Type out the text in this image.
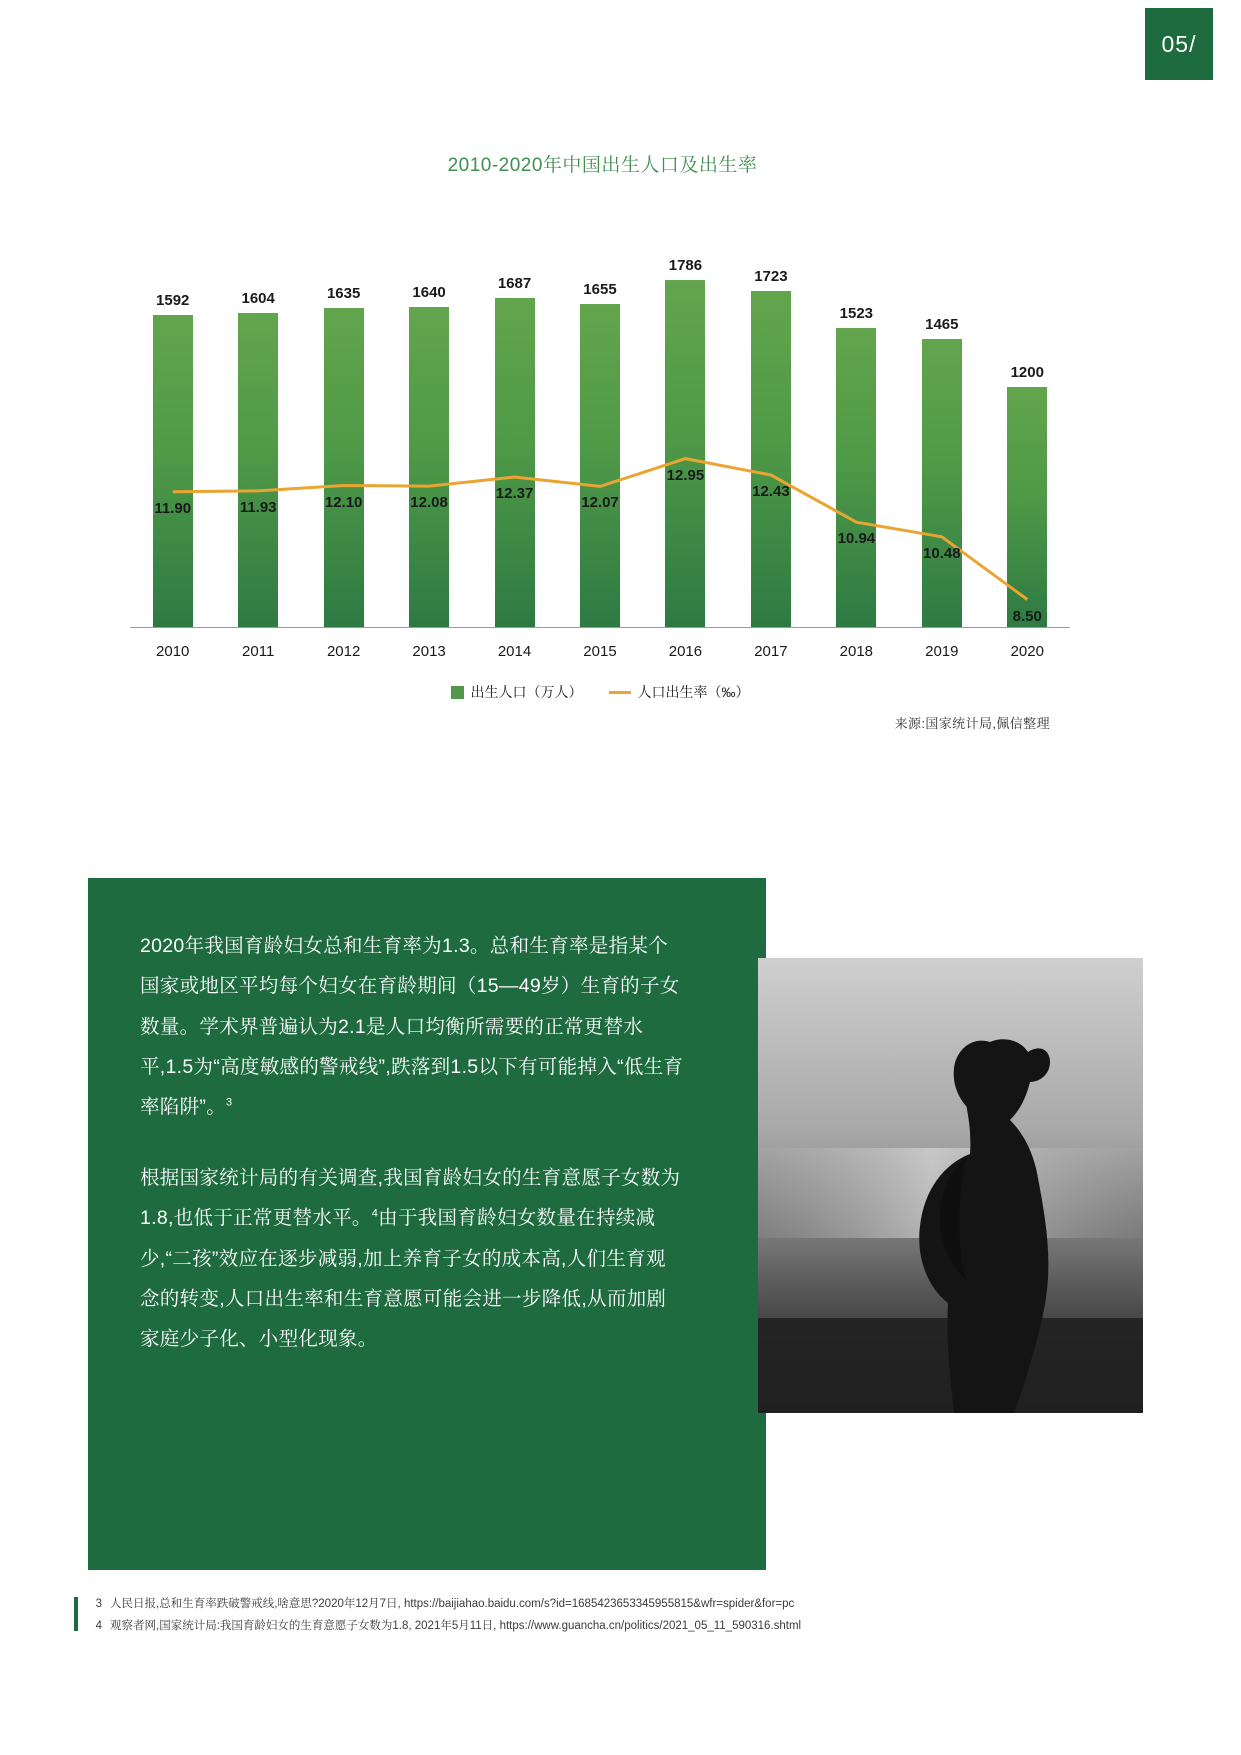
05/
2010-2020年中国出生人口及出生率
1592	1604	1635	1640
1687	1655
1786
1723
1523
1465
1200
11.90	11.93	12.10	12.08
12.37
12.07
12.95
12.43
10.94
10.48
8.50
2010	2011	2012	2013	2014	2015	2016	2017	2018	2019	2020
出生人口（万人）	人口出生率（‰）
来源:国家统计局,佩信整理

2020年我国育龄妇女总和生育率为1.3。总和生育率是指某个国家或地区平均每个妇女在育龄期间（15—49岁）生育的子女数量。学术界普遍认为2.1是人口均衡所需要的正常更替水平,1.5为“高度敏感的警戒线”,跌落到1.5以下有可能掉入“低生育率陷阱”。$^3$

根据国家统计局的有关调查,我国育龄妇女的生育意愿子女数为1.8,也低于正常更替水平。$^4$由于我国育龄妇女数量在持续减少,“二孩”效应在逐步减弱,加上养育子女的成本高,人们生育观念的转变,人口出生率和生育意愿可能会进一步降低,从而加剧家庭少子化、小型化现象。

3 人民日报,总和生育率跌破警戒线,啥意思?2020年12月7日, https://baijiahao.baidu.com/s?id=1685423653345955815&wfr=spider&for=pc
4 观察者网,国家统计局:我国育龄妇女的生育意愿子女数为1.8, 2021年5月11日, https://www.guancha.cn/politics/2021_05_11_590316.shtml
